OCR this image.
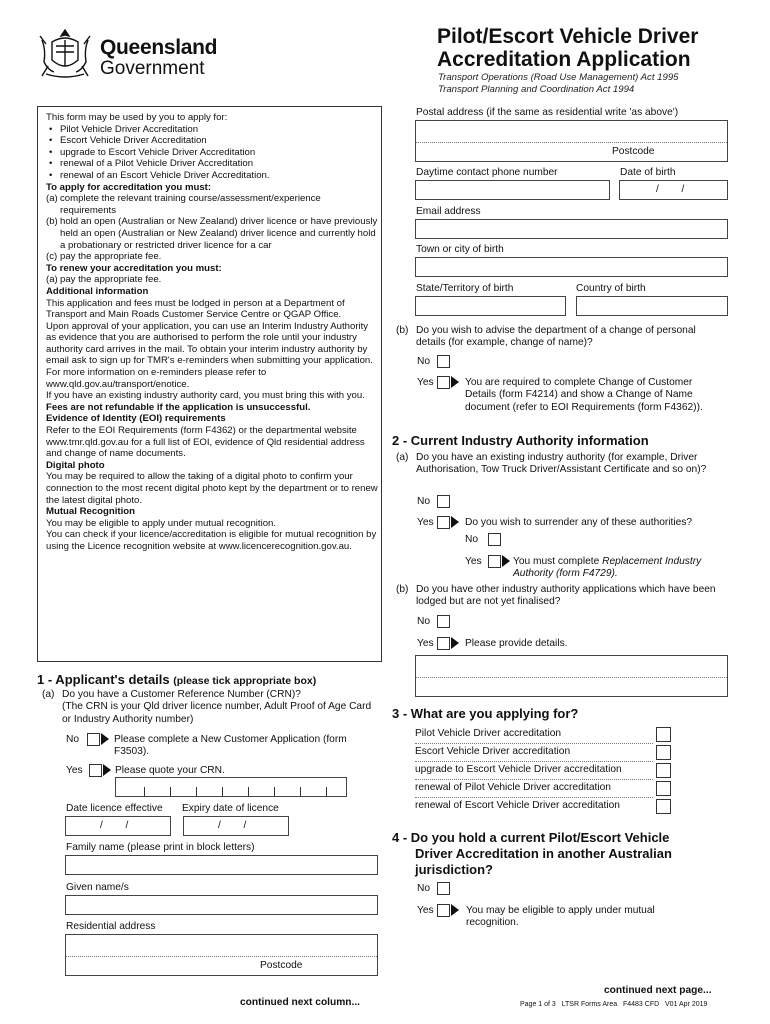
Queensland
Government
Pilot/Escort Vehicle Driver
Accreditation Application
Transport Operations (Road Use Management) Act 1995
Transport Planning and Coordination Act 1994
This form may be used by you to apply for:
• Pilot Vehicle Driver Accreditation
• Escort Vehicle Driver Accreditation
• upgrade to Escort Vehicle Driver Accreditation
• renewal of a Pilot Vehicle Driver Accreditation
• renewal of an Escort Vehicle Driver Accreditation.
To apply for accreditation you must:
(a) complete the relevant training course/assessment/experience requirements
(b) hold an open (Australian or New Zealand) driver licence or have previously held an open (Australian or New Zealand) driver licence and currently hold a probationary or restricted driver licence for a car
(c) pay the appropriate fee.
To renew your accreditation you must:
(a) pay the appropriate fee.
Additional information
This application and fees must be lodged in person at a Department of Transport and Main Roads Customer Service Centre or QGAP Office.
Upon approval of your application, you can use an Interim Industry Authority as evidence that you are authorised to perform the role until your industry authority card arrives in the mail. To obtain your interim industry authority by email ask to sign up for TMR's e-reminders when submitting your application. For more information on e-reminders please refer to www.qld.gov.au/transport/enotice.
If you have an existing industry authority card, you must bring this with you.
Fees are not refundable if the application is unsuccessful.
Evidence of Identity (EOI) requirements
Refer to the EOI Requirements (form F4362) or the departmental website www.tmr.qld.gov.au for a full list of EOI, evidence of Qld residential address and change of name documents.
Digital photo
You may be required to allow the taking of a digital photo to confirm your connection to the most recent digital photo kept by the department or to renew the latest digital photo.
Mutual Recognition
You may be eligible to apply under mutual recognition.
You can check if your licence/accreditation is eligible for mutual recognition by using the Licence recognition website at www.licencerecognition.gov.au.
1 - Applicant's details (please tick appropriate box)
(a) Do you have a Customer Reference Number (CRN)?
(The CRN is your Qld driver licence number, Adult Proof of Age Card or Industry Authority number)
No	Please complete a New Customer Application (form F3503).
Yes	Please quote your CRN.
Date licence effective Expiry date of licence
/        /	/        /
Family name (please print in block letters)
Given name/s
Residential address
Postcode
continued next column...
Postal address (if the same as residential write 'as above')
Postcode
Daytime contact phone number	Date of birth
/        /
Email address
Town or city of birth
State/Territory of birth	Country of birth
(b) Do you wish to advise the department of a change of personal details (for example, change of name)?
No
Yes	You are required to complete Change of Customer Details (form F4214) and show a Change of Name document (refer to EOI Requirements (form F4362)).
2 - Current Industry Authority information
(a) Do you have an existing industry authority (for example, Driver Authorisation, Tow Truck Driver/Assistant Certificate and so on)?
No
Yes	Do you wish to surrender any of these authorities?
No
Yes	You must complete Replacement Industry Authority (form F4729).
(b) Do you have other industry authority applications which have been lodged but are not yet finalised?
No
Yes	Please provide details.
3 - What are you applying for?
Pilot Vehicle Driver accreditation
Escort Vehicle Driver accreditation
upgrade to Escort Vehicle Driver accreditation
renewal of Pilot Vehicle Driver accreditation
renewal of Escort Vehicle Driver accreditation
4 - Do you hold a current Pilot/Escort Vehicle
Driver Accreditation in another Australian
jurisdiction?
No
Yes	You may be eligible to apply under mutual recognition.
continued next page...
Page 1 of 3   LTSR Forms Area   F4483 CFD   V01 Apr 2019
